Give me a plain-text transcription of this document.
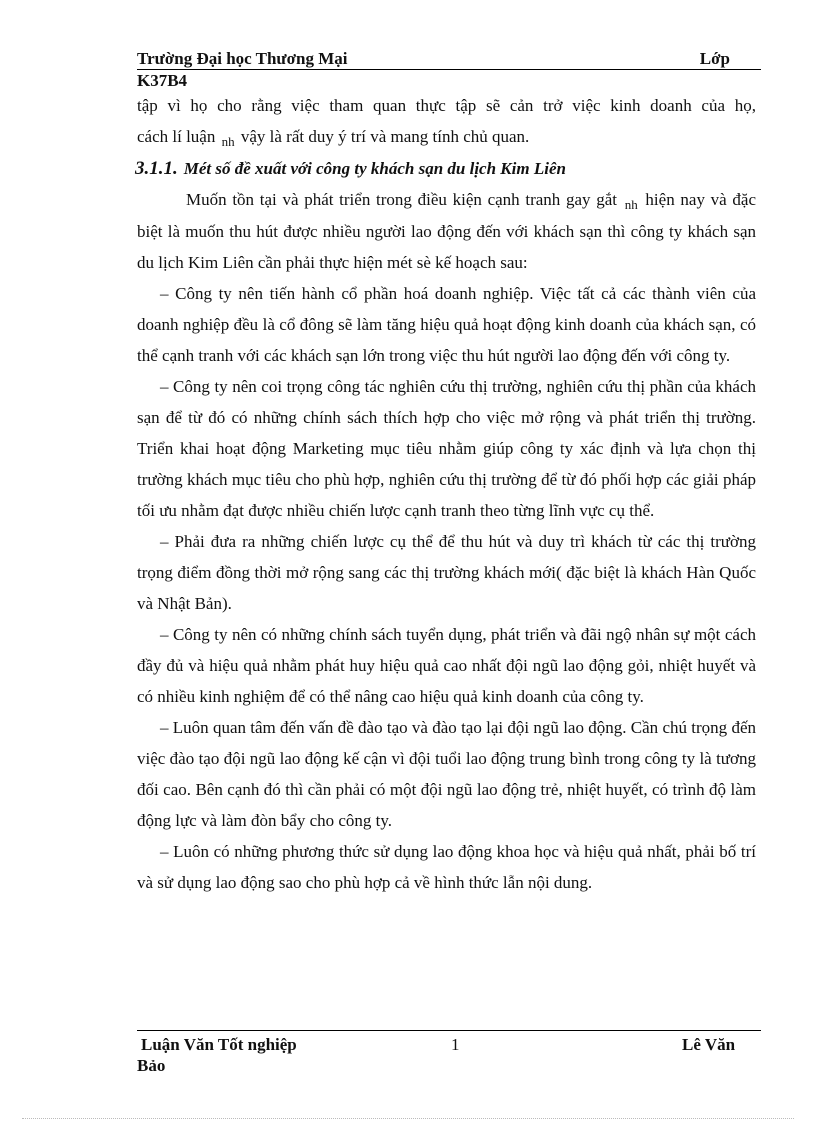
Trường Đại học Thương Mại	Lớp
K37B4

tập vì họ cho rằng việc tham quan thực tập sẽ cản trở việc kinh doanh của họ,

cách lí luận $_{nh}$ vậy là rất duy ý trí và mang tính chủ quan.

3.1.1. Mét số đề xuất với công ty khách sạn du lịch Kim Liên

Muốn tồn tại và phát triển trong điều kiện cạnh tranh gay gắt $_{nh}$ hiện nay và đặc biệt là muốn thu hút được nhiều người lao động đến với khách sạn thì công ty khách sạn du lịch Kim Liên cần phải thực hiện mét sè kế hoạch sau:

– Công ty nên tiến hành cổ phần hoá doanh nghiệp. Việc tất cả các thành viên của doanh nghiệp đều là cổ đông sẽ làm tăng hiệu quả hoạt động kinh doanh của khách sạn, có thể cạnh tranh với các khách sạn lớn trong việc thu hút người lao động đến với công ty.

– Công ty nên coi trọng công tác nghiên cứu thị trường, nghiên cứu thị phần của khách sạn để từ đó có những chính sách thích hợp cho việc mở rộng và phát triển thị trường. Triển khai hoạt động Marketing mục tiêu nhằm giúp công ty xác định và lựa chọn thị trường khách mục tiêu cho phù hợp, nghiên cứu thị trường để từ đó phối hợp các giải pháp tối ưu nhằm đạt được nhiều chiến lược cạnh tranh theo từng lĩnh vực cụ thể.

– Phải đưa ra những chiến lược cụ thể để thu hút và duy trì khách từ các thị trường trọng điểm đồng thời mở rộng sang các thị trường khách mới( đặc biệt là khách Hàn Quốc và Nhật Bản).

– Công ty nên có những chính sách tuyển dụng, phát triển và đãi ngộ nhân sự một cách đầy đủ và hiệu quả nhằm phát huy hiệu quả cao nhất đội ngũ lao động gỏi, nhiệt huyết và có nhiều kinh nghiệm để có thể nâng cao hiệu quả kinh doanh của công ty.

– Luôn quan tâm đến vấn đề đào tạo và đào tạo lại đội ngũ lao động. Cần chú trọng đến việc đào tạo đội ngũ lao động kế cận vì đội tuổi lao động trung bình trong công ty là tương đối cao. Bên cạnh đó thì cần phải có một đội ngũ lao động trẻ, nhiệt huyết, có trình độ làm động lực và làm đòn bẩy cho công ty.

– Luôn có những phương thức sử dụng lao động khoa học và hiệu quả nhất, phải bố trí và sử dụng lao động sao cho phù hợp cả về hình thức lẫn nội dung.

Luận Văn Tốt nghiệp	1	Lê Văn
Bảo
